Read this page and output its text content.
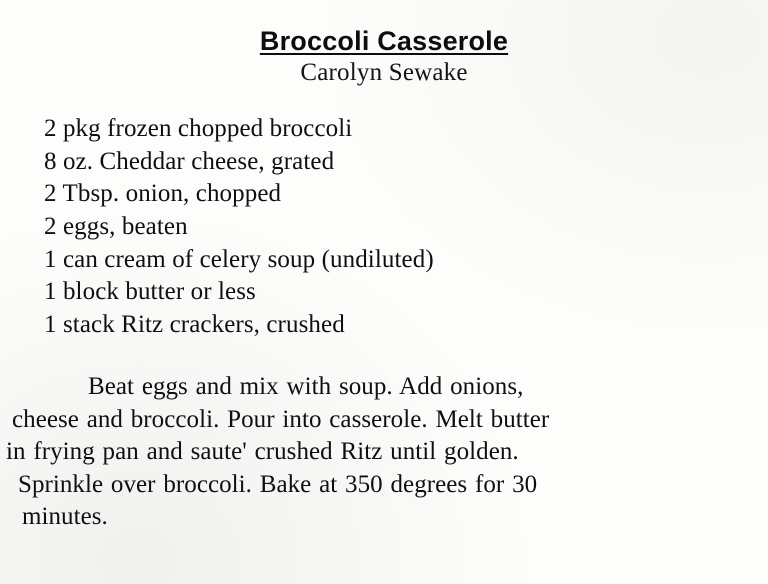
Broccoli Casserole
Carolyn Sewake
2 pkg frozen chopped broccoli
8 oz. Cheddar cheese, grated
2 Tbsp. onion, chopped
2 eggs, beaten
1 can cream of celery soup (undiluted)
1 block butter or less
1 stack Ritz crackers, crushed
Beat eggs and mix with soup. Add onions,
cheese and broccoli. Pour into casserole. Melt butter
in frying pan and saute' crushed Ritz until golden.
Sprinkle over broccoli. Bake at 350 degrees for 30
minutes.
